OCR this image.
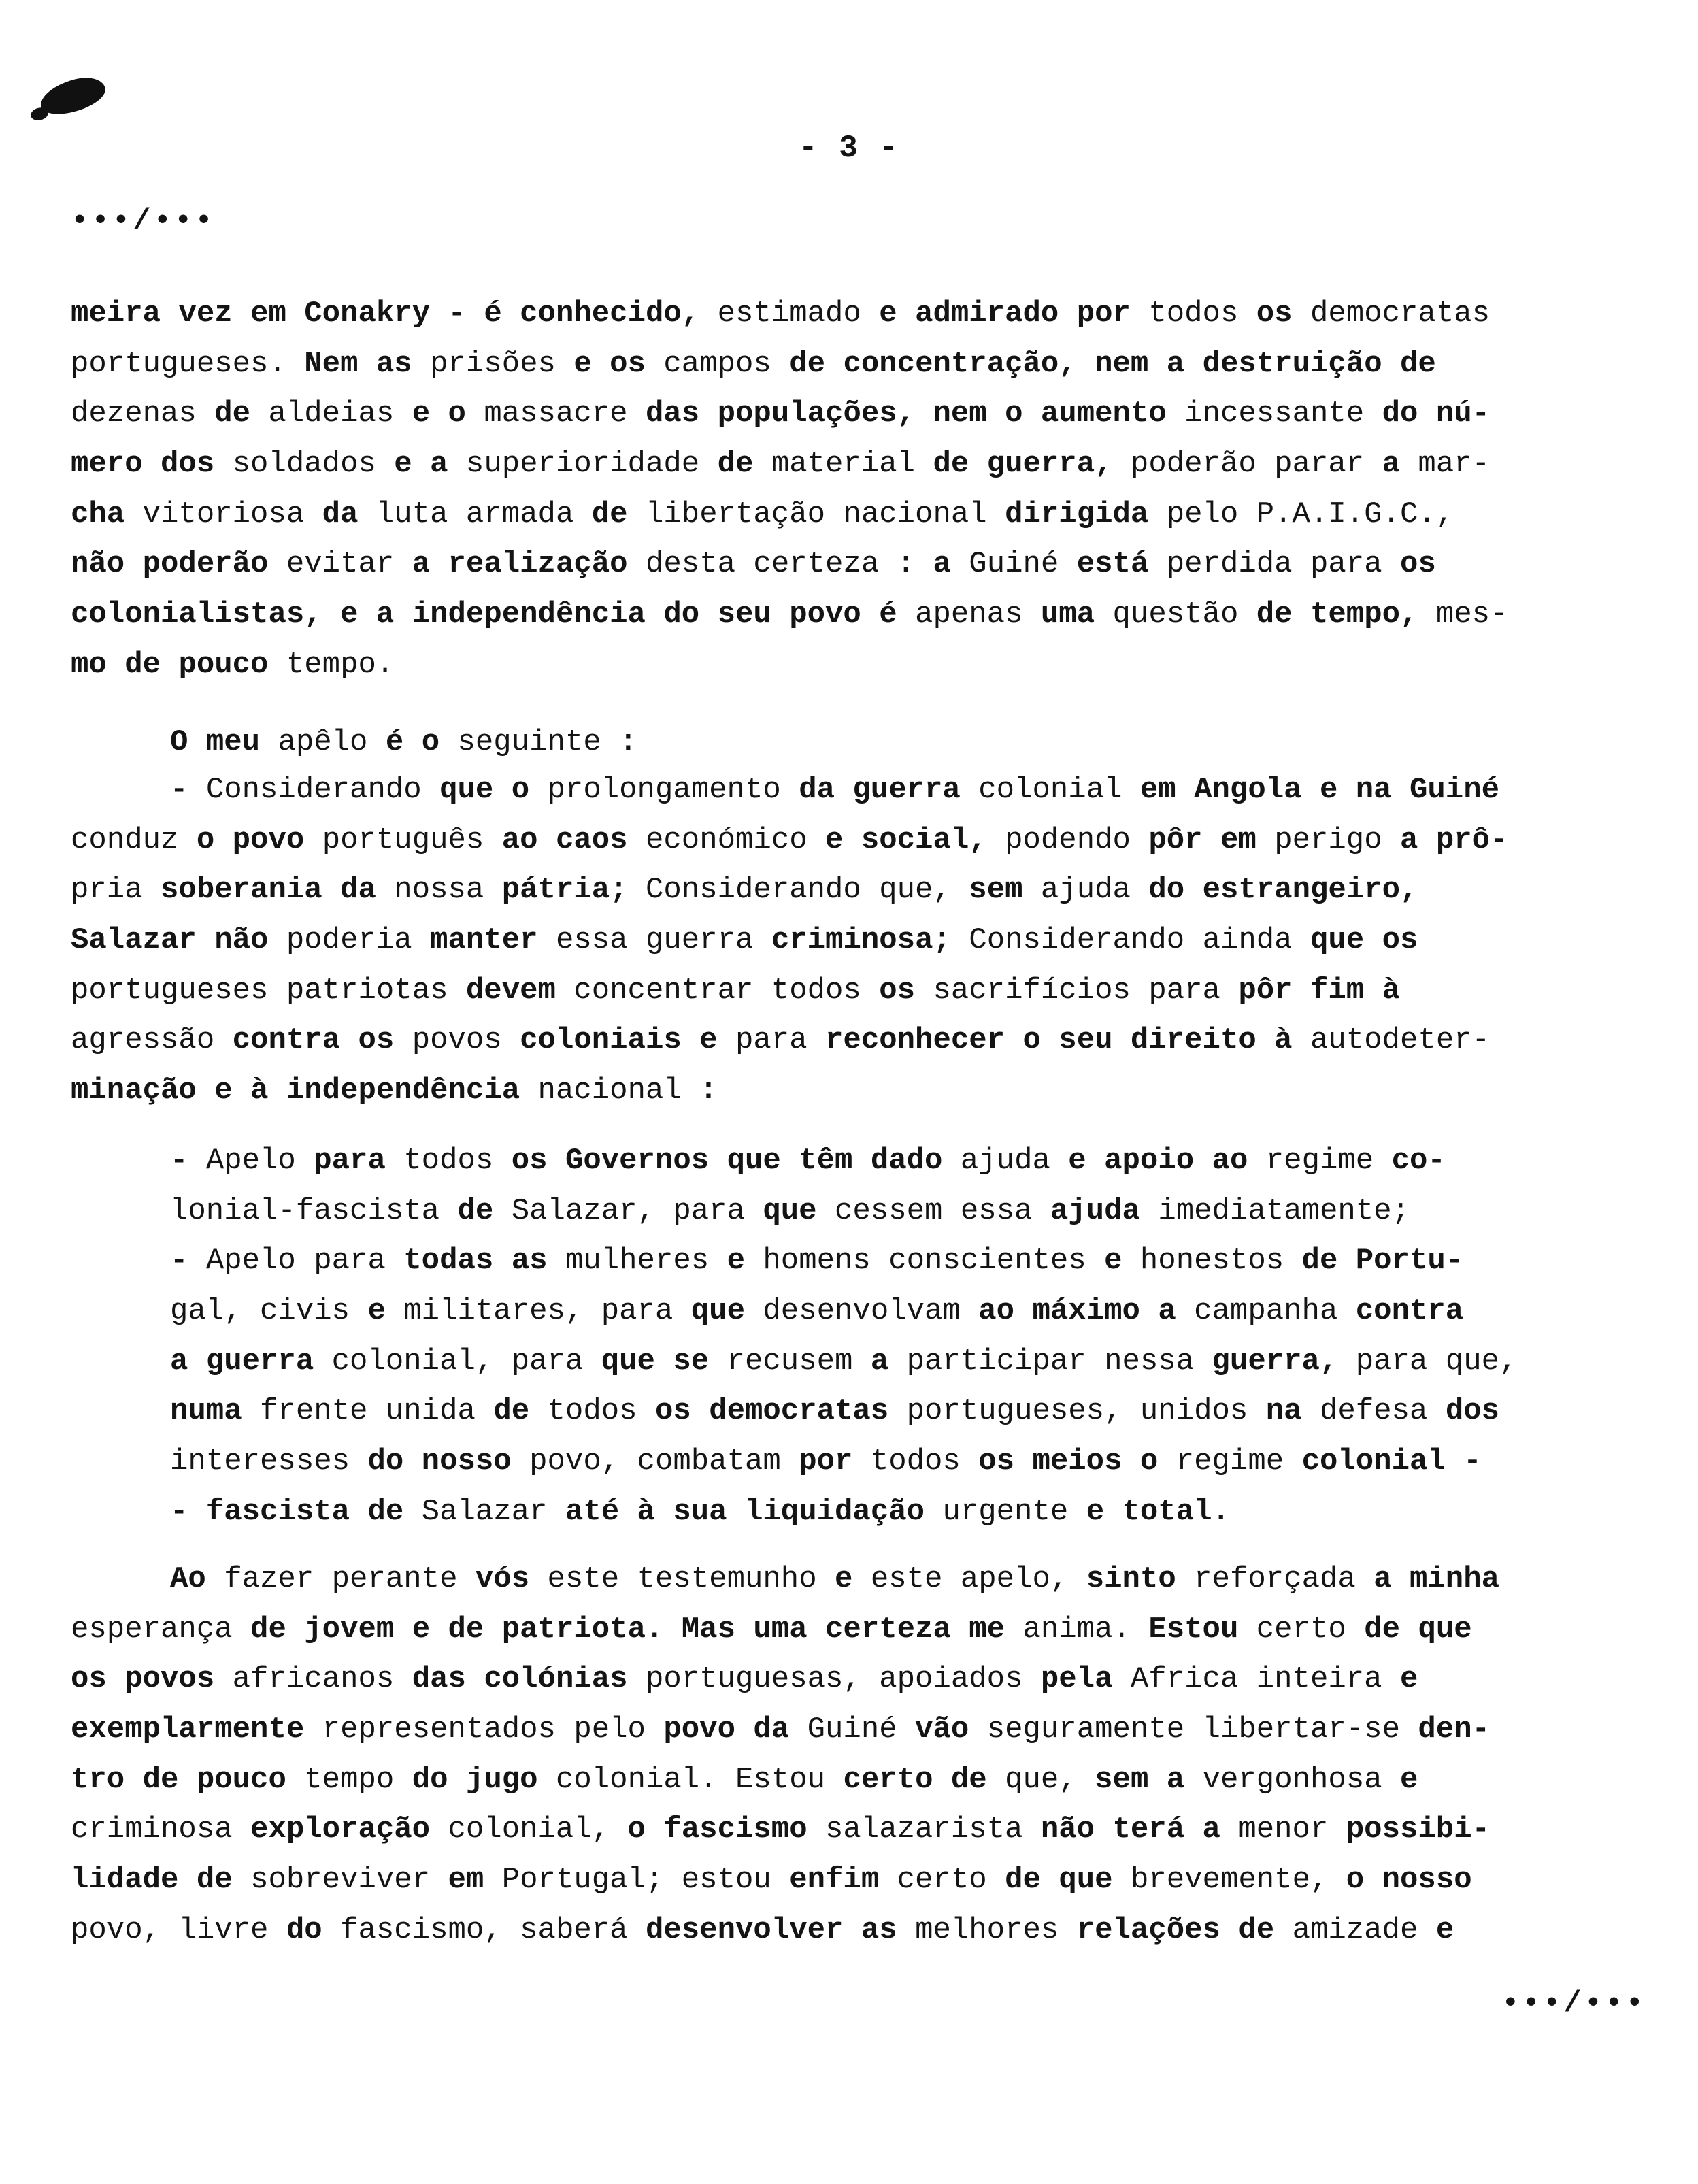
- 3 -
•••/•••
meira vez em Conakry - é conhecido, estimado e admirado por todos os democratas
portugueses. Nem as prisões e os campos de concentração, nem a destruição de
dezenas de aldeias e o massacre das populações, nem o aumento incessante do nú-
mero dos soldados e a superioridade de material de guerra, poderão parar a mar-
cha vitoriosa da luta armada de libertação nacional dirigida pelo P.A.I.G.C.,
não poderão evitar a realização desta certeza : a Guiné está perdida para os
colonialistas, e a independência do seu povo é apenas uma questão de tempo, mes-
mo de pouco tempo.
O meu apêlo é o seguinte :
- Considerando que o prolongamento da guerra colonial em Angola e na Guiné
conduz o povo português ao caos económico e social, podendo pôr em perigo a prô-
pria soberania da nossa pátria; Considerando que, sem ajuda do estrangeiro,
Salazar não poderia manter essa guerra criminosa; Considerando ainda que os
portugueses patriotas devem concentrar todos os sacrifícios para pôr fim à
agressão contra os povos coloniais e para reconhecer o seu direito à autodeter-
minação e à independência nacional :
- Apelo para todos os Governos que têm dado ajuda e apoio ao regime co-
lonial-fascista de Salazar, para que cessem essa ajuda imediatamente;
- Apelo para todas as mulheres e homens conscientes e honestos de Portu-
gal, civis e militares, para que desenvolvam ao máximo a campanha contra
a guerra colonial, para que se recusem a participar nessa guerra, para que,
numa frente unida de todos os democratas portugueses, unidos na defesa dos
interesses do nosso povo, combatam por todos os meios o regime colonial -
- fascista de Salazar até à sua liquidação urgente e total.
Ao fazer perante vós este testemunho e este apelo, sinto reforçada a minha
esperança de jovem e de patriota. Mas uma certeza me anima. Estou certo de que
os povos africanos das colónias portuguesas, apoiados pela Africa inteira e
exemplarmente representados pelo povo da Guiné vão seguramente libertar-se den-
tro de pouco tempo do jugo colonial. Estou certo de que, sem a vergonhosa e
criminosa exploração colonial, o fascismo salazarista não terá a menor possibi-
lidade de sobreviver em Portugal; estou enfim certo de que brevemente, o nosso
povo, livre do fascismo, saberá desenvolver as melhores relações de amizade e
•••/•••
